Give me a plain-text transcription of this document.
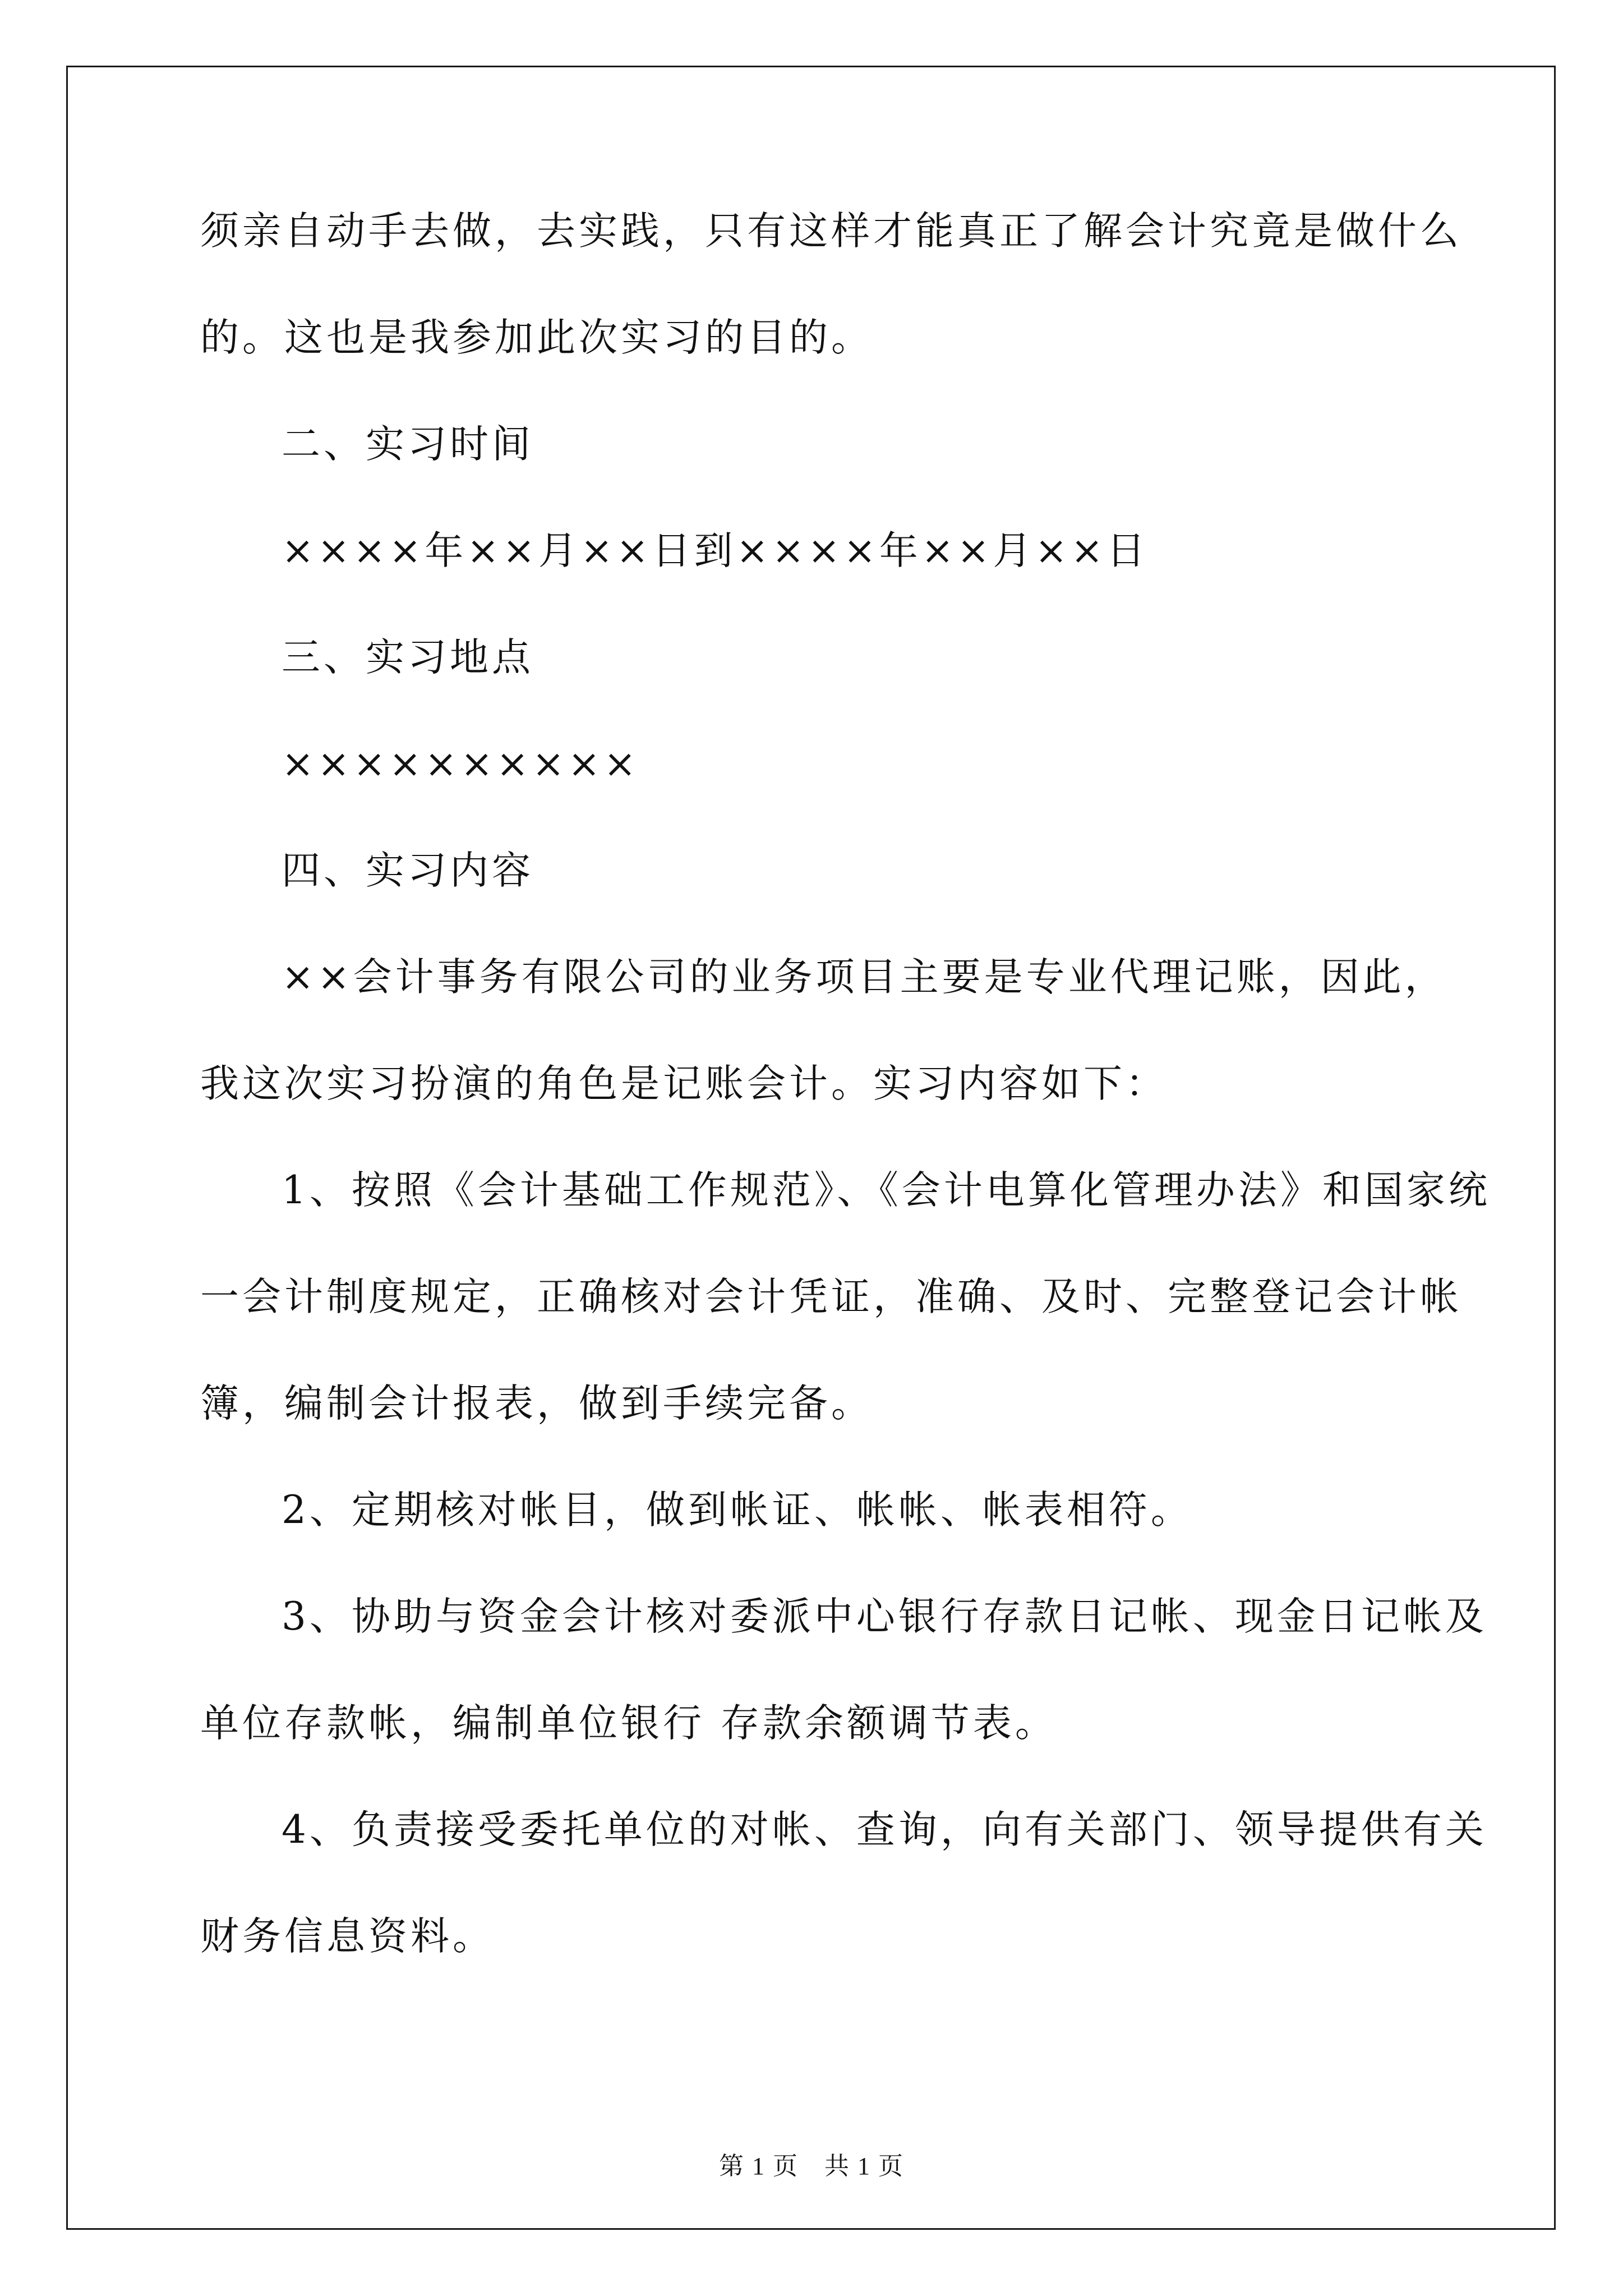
须亲自动手去做，去实践，只有这样才能真正了解会计究竟是做什么
的。这也是我参加此次实习的目的。
二、实习时间
××××年××月××日到××××年××月××日
三、实习地点
××××××××××
四、实习内容
××会计事务有限公司的业务项目主要是专业代理记账，因此，
我这次实习扮演的角色是记账会计。实习内容如下：
1、按照《会计基础工作规范》、《会计电算化管理办法》和国家统
一会计制度规定，正确核对会计凭证，准确、及时、完整登记会计帐
簿，编制会计报表，做到手续完备。
2、定期核对帐目，做到帐证、帐帐、帐表相符。
3、协助与资金会计核对委派中心银行存款日记帐、现金日记帐及
单位存款帐，编制单位银行 存款余额调节表。
4、负责接受委托单位的对帐、查询，向有关部门、领导提供有关
财务信息资料。
第 1 页　共 1 页
